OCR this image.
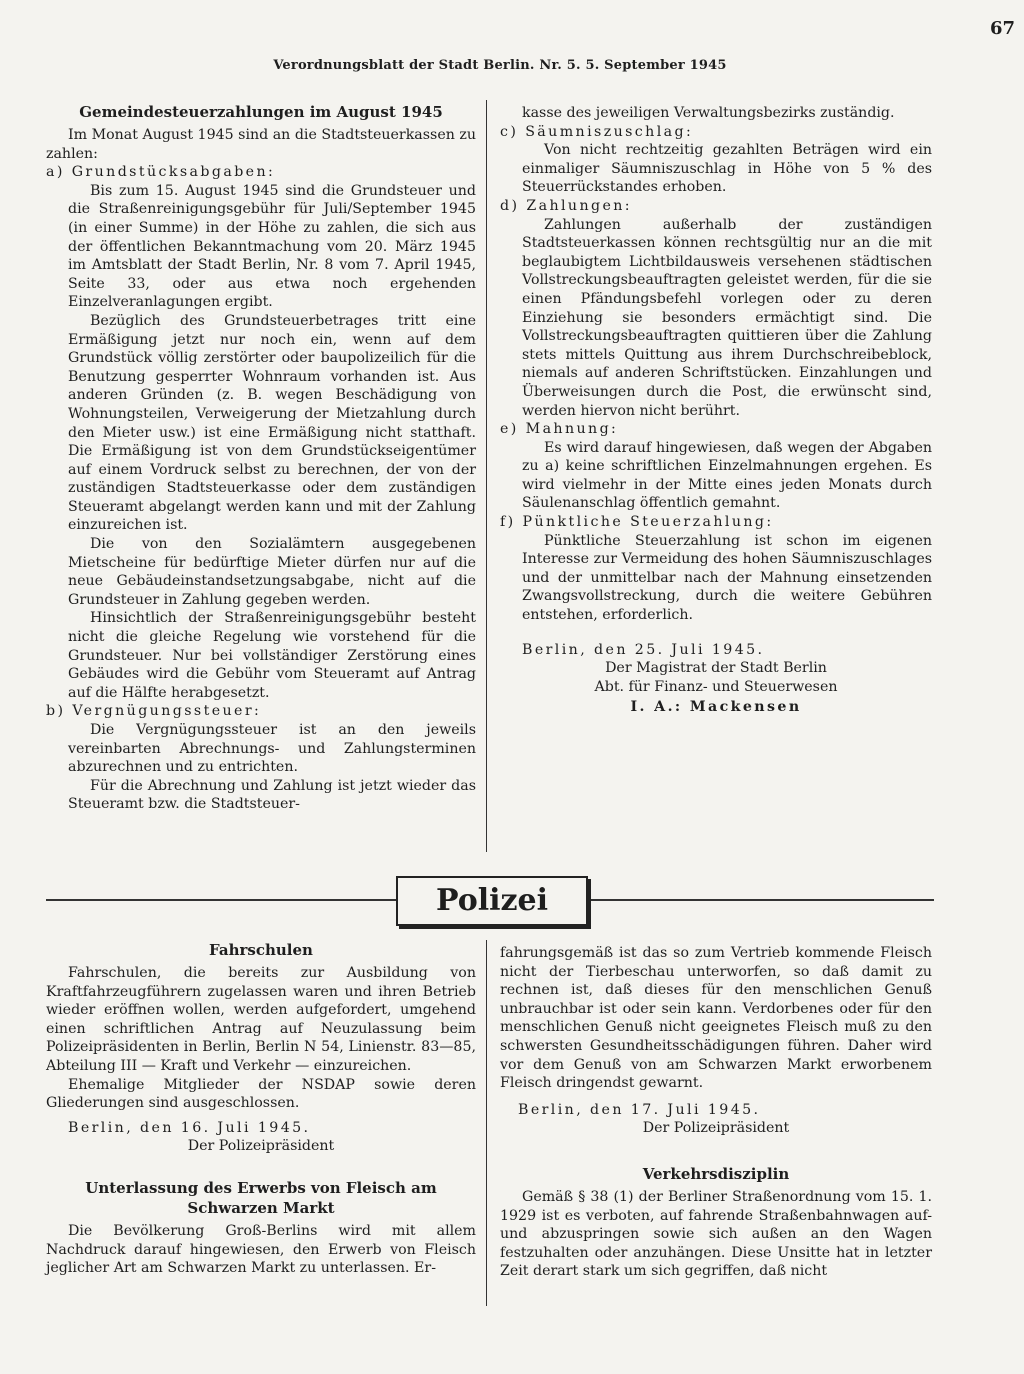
67
Verordnungsblatt der Stadt Berlin. Nr. 5. 5. September 1945

Gemeindesteuerzahlungen im August 1945

Im Monat August 1945 sind an die Stadtsteuerkassen zu zahlen:

a) Grundstücksabgaben:

Bis zum 15. August 1945 sind die Grundsteuer und die Straßenreinigungsgebühr für Juli/September 1945 (in einer Summe) in der Höhe zu zahlen, die sich aus der öffentlichen Bekanntmachung vom 20. März 1945 im Amtsblatt der Stadt Berlin, Nr. 8 vom 7. April 1945, Seite 33, oder aus etwa noch ergehenden Einzelveranlagungen ergibt.

Bezüglich des Grundsteuerbetrages tritt eine Ermäßigung jetzt nur noch ein, wenn auf dem Grundstück völlig zerstörter oder baupolizeilich für die Benutzung gesperrter Wohnraum vorhanden ist. Aus anderen Gründen (z. B. wegen Beschädigung von Wohnungsteilen, Verweigerung der Mietzahlung durch den Mieter usw.) ist eine Ermäßigung nicht statthaft. Die Ermäßigung ist von dem Grundstückseigentümer auf einem Vordruck selbst zu berechnen, der von der zuständigen Stadtsteuerkasse oder dem zuständigen Steueramt abgelangt werden kann und mit der Zahlung einzureichen ist.

Die von den Sozialämtern ausgegebenen Mietscheine für bedürftige Mieter dürfen nur auf die neue Gebäudeinstandsetzungsabgabe, nicht auf die Grundsteuer in Zahlung gegeben werden.

Hinsichtlich der Straßenreinigungsgebühr besteht nicht die gleiche Regelung wie vorstehend für die Grundsteuer. Nur bei vollständiger Zerstörung eines Gebäudes wird die Gebühr vom Steueramt auf Antrag auf die Hälfte herabgesetzt.

b) Vergnügungssteuer:

Die Vergnügungssteuer ist an den jeweils vereinbarten Abrechnungs- und Zahlungsterminen abzurechnen und zu entrichten.

Für die Abrechnung und Zahlung ist jetzt wieder das Steueramt bzw. die Stadtsteuer-

kasse des jeweiligen Verwaltungsbezirks zuständig.

c) Säumniszuschlag:

Von nicht rechtzeitig gezahlten Beträgen wird ein einmaliger Säumniszuschlag in Höhe von 5 % des Steuerrückstandes erhoben.

d) Zahlungen:

Zahlungen außerhalb der zuständigen Stadtsteuerkassen können rechtsgültig nur an die mit beglaubigtem Lichtbildausweis versehenen städtischen Vollstreckungsbeauftragten geleistet werden, für die sie einen Pfändungsbefehl vorlegen oder zu deren Einziehung sie besonders ermächtigt sind. Die Vollstreckungsbeauftragten quittieren über die Zahlung stets mittels Quittung aus ihrem Durchschreibeblock, niemals auf anderen Schriftstücken. Einzahlungen und Überweisungen durch die Post, die erwünscht sind, werden hiervon nicht berührt.

e) Mahnung:

Es wird darauf hingewiesen, daß wegen der Abgaben zu a) keine schriftlichen Einzelmahnungen ergehen. Es wird vielmehr in der Mitte eines jeden Monats durch Säulenanschlag öffentlich gemahnt.

f) Pünktliche Steuerzahlung:

Pünktliche Steuerzahlung ist schon im eigenen Interesse zur Vermeidung des hohen Säumniszuschlages und der unmittelbar nach der Mahnung einsetzenden Zwangsvollstreckung, durch die weitere Gebühren entstehen, erforderlich.

Berlin, den 25. Juli 1945.

Der Magistrat der Stadt Berlin

Abt. für Finanz- und Steuerwesen

I. A.: Mackensen

Polizei

Fahrschulen

Fahrschulen, die bereits zur Ausbildung von Kraftfahrzeugführern zugelassen waren und ihren Betrieb wieder eröffnen wollen, werden aufgefordert, umgehend einen schriftlichen Antrag auf Neuzulassung beim Polizeipräsidenten in Berlin, Berlin N 54, Linienstr. 83—85, Abteilung III — Kraft und Verkehr — einzureichen.

Ehemalige Mitglieder der NSDAP sowie deren Gliederungen sind ausgeschlossen.

Berlin, den 16. Juli 1945.

Der Polizeipräsident

Unterlassung des Erwerbs von Fleisch am Schwarzen Markt

Die Bevölkerung Groß-Berlins wird mit allem Nachdruck darauf hingewiesen, den Erwerb von Fleisch jeglicher Art am Schwarzen Markt zu unterlassen. Er-

fahrungsgemäß ist das so zum Vertrieb kommende Fleisch nicht der Tierbeschau unterworfen, so daß damit zu rechnen ist, daß dieses für den menschlichen Genuß unbrauchbar ist oder sein kann. Verdorbenes oder für den menschlichen Genuß nicht geeignetes Fleisch muß zu den schwersten Gesundheitsschädigungen führen. Daher wird vor dem Genuß von am Schwarzen Markt erworbenem Fleisch dringendst gewarnt.

Berlin, den 17. Juli 1945.

Der Polizeipräsident

Verkehrsdisziplin

Gemäß § 38 (1) der Berliner Straßenordnung vom 15. 1. 1929 ist es verboten, auf fahrende Straßenbahnwagen auf- und abzuspringen sowie sich außen an den Wagen festzuhalten oder anzuhängen. Diese Unsitte hat in letzter Zeit derart stark um sich gegriffen, daß nicht
